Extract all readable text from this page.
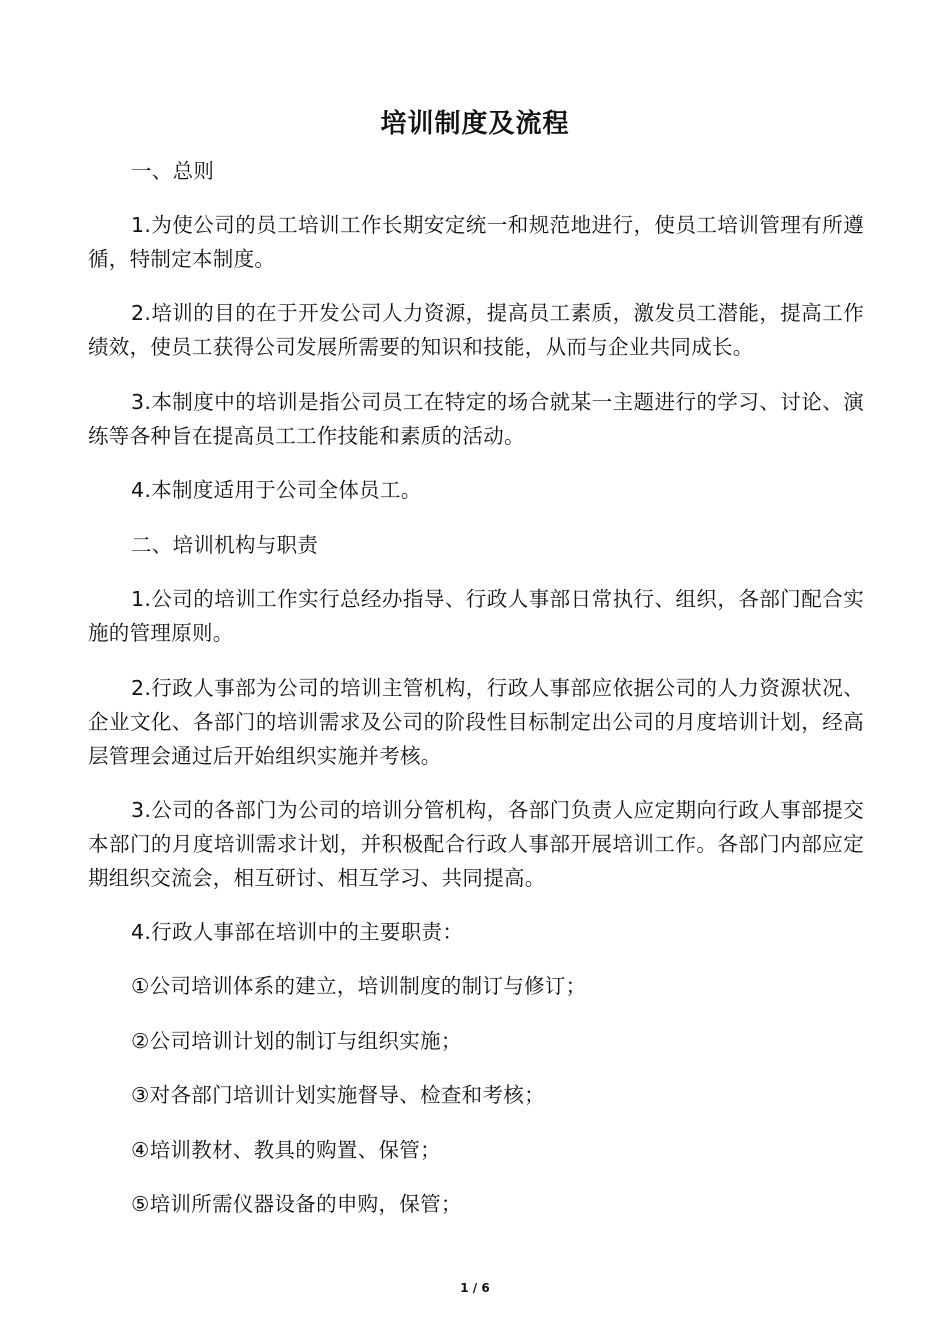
培训制度及流程
一、总则
1.为使公司的员工培训工作长期安定统一和规范地进行，使员工培训管理有所遵循，特制定本制度。
2.培训的目的在于开发公司人力资源，提高员工素质，激发员工潜能，提高工作绩效，使员工获得公司发展所需要的知识和技能，从而与企业共同成长。
3.本制度中的培训是指公司员工在特定的场合就某一主题进行的学习、讨论、演练等各种旨在提高员工工作技能和素质的活动。
4.本制度适用于公司全体员工。
二、培训机构与职责
1.公司的培训工作实行总经办指导、行政人事部日常执行、组织，各部门配合实施的管理原则。
2.行政人事部为公司的培训主管机构，行政人事部应依据公司的人力资源状况、企业文化、各部门的培训需求及公司的阶段性目标制定出公司的月度培训计划，经高层管理会通过后开始组织实施并考核。
3.公司的各部门为公司的培训分管机构，各部门负责人应定期向行政人事部提交本部门的月度培训需求计划，并积极配合行政人事部开展培训工作。各部门内部应定期组织交流会，相互研讨、相互学习、共同提高。
4.行政人事部在培训中的主要职责：
①公司培训体系的建立，培训制度的制订与修订；
②公司培训计划的制订与组织实施；
③对各部门培训计划实施督导、检查和考核；
④培训教材、教具的购置、保管；
⑤培训所需仪器设备的申购，保管；
1 / 6
